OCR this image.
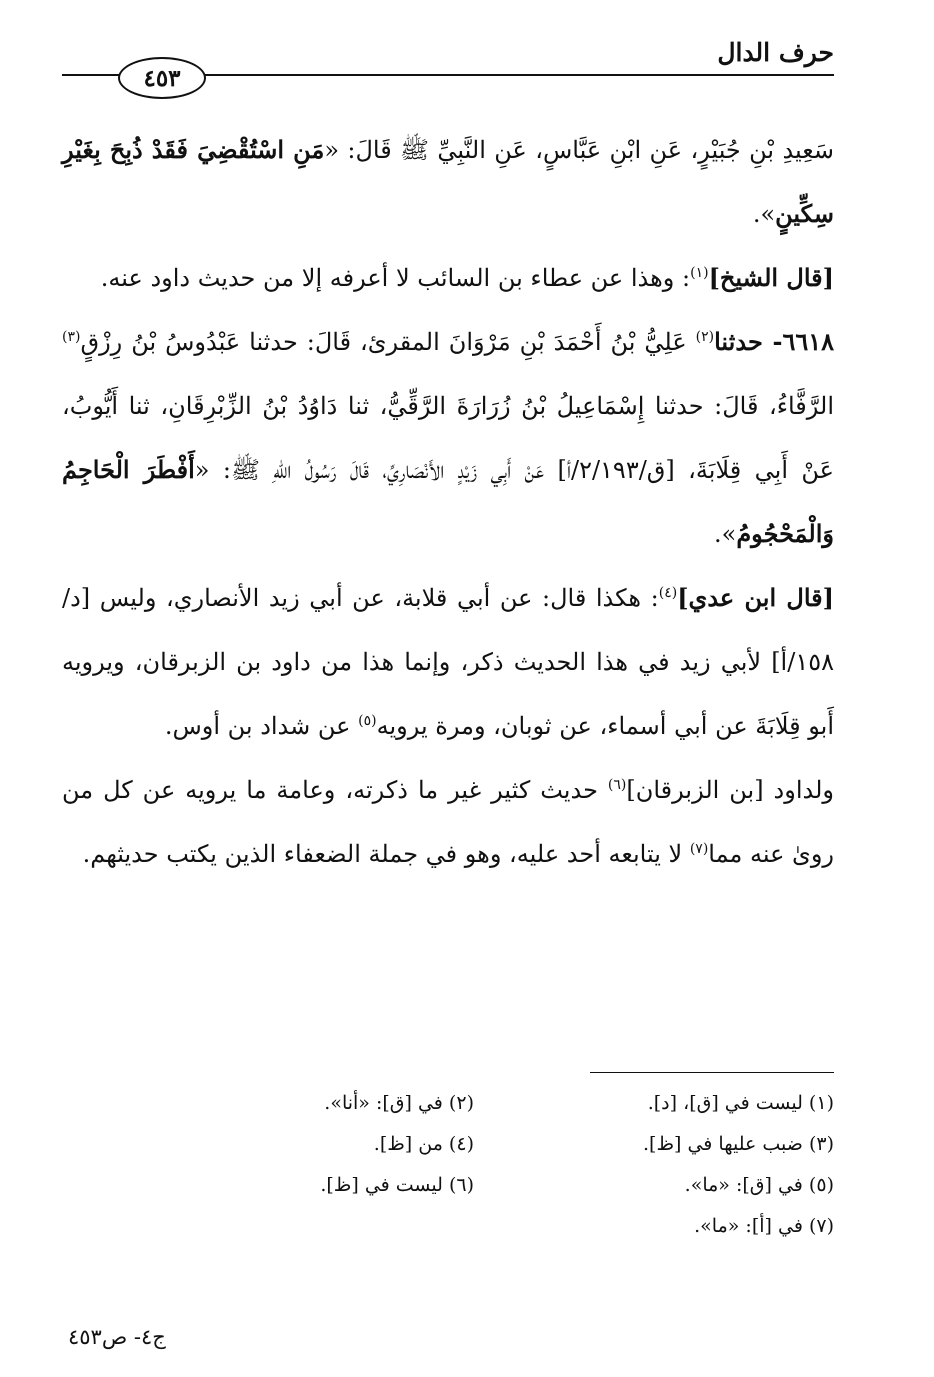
حرف الدال
٤٥٣

سَعِيدِ بْنِ جُبَيْرٍ، عَنِ ابْنِ عَبَّاسٍ، عَنِ النَّبِيِّ ﷺ قَالَ: «مَنِ اسْتُقْضِيَ فَقَدْ ذُبِحَ بِغَيْرِ سِكِّينٍ».

[قال الشيخ]$^{(١)}$: وهذا عن عطاء بن السائب لا أعرفه إلا من حديث داود عنه.

٦٦١٨- حدثنا$^{(٢)}$ عَلِيُّ بْنُ أَحْمَدَ بْنِ مَرْوَانَ المقرئ، قَالَ: حدثنا عَبْدُوسُ بْنُ رِزْقٍ$^{(٣)}$ الرَّفَّاءُ، قَالَ: حدثنا إِسْمَاعِيلُ بْنُ زُرَارَةَ الرَّقِّيُّ، ثنا دَاوُدُ بْنُ الزِّبْرِقَانِ، ثنا أَيُّوبُ، عَنْ أَبِي قِلَابَةَ، [ق/٢/١٩٣/أ] عَنْ أَبِي زَيْدٍ الأَنْصَارِيِّ، قَالَ رَسُولُ اللهِ ﷺ: «أَفْطَرَ الْحَاجِمُ وَالْمَحْجُومُ».

[قال ابن عدي]$^{(٤)}$: هكذا قال: عن أبي قلابة، عن أبي زيد الأنصاري، وليس [د/١٥٨/أ] لأبي زيد في هذا الحديث ذكر، وإنما هذا من داود بن الزبرقان، ويرويه أَبو قِلَابَةَ عن أبي أسماء، عن ثوبان، ومرة يرويه$^{(٥)}$ عن شداد بن أوس.

ولداود [بن الزبرقان]$^{(٦)}$ حديث كثير غير ما ذكرته، وعامة ما يرويه عن كل من روىٰ عنه مما$^{(٧)}$ لا يتابعه أحد عليه، وهو في جملة الضعفاء الذين يكتب حديثهم.

(١) ليست في [ق]، [د].
(٢) في [ق]: «أنا».
(٣) ضبب عليها في [ظ].
(٤) من [ظ].
(٥) في [ق]: «ما».
(٦) ليست في [ظ].
(٧) في [أ]: «ما».
ج٤- ص٤٥٣
